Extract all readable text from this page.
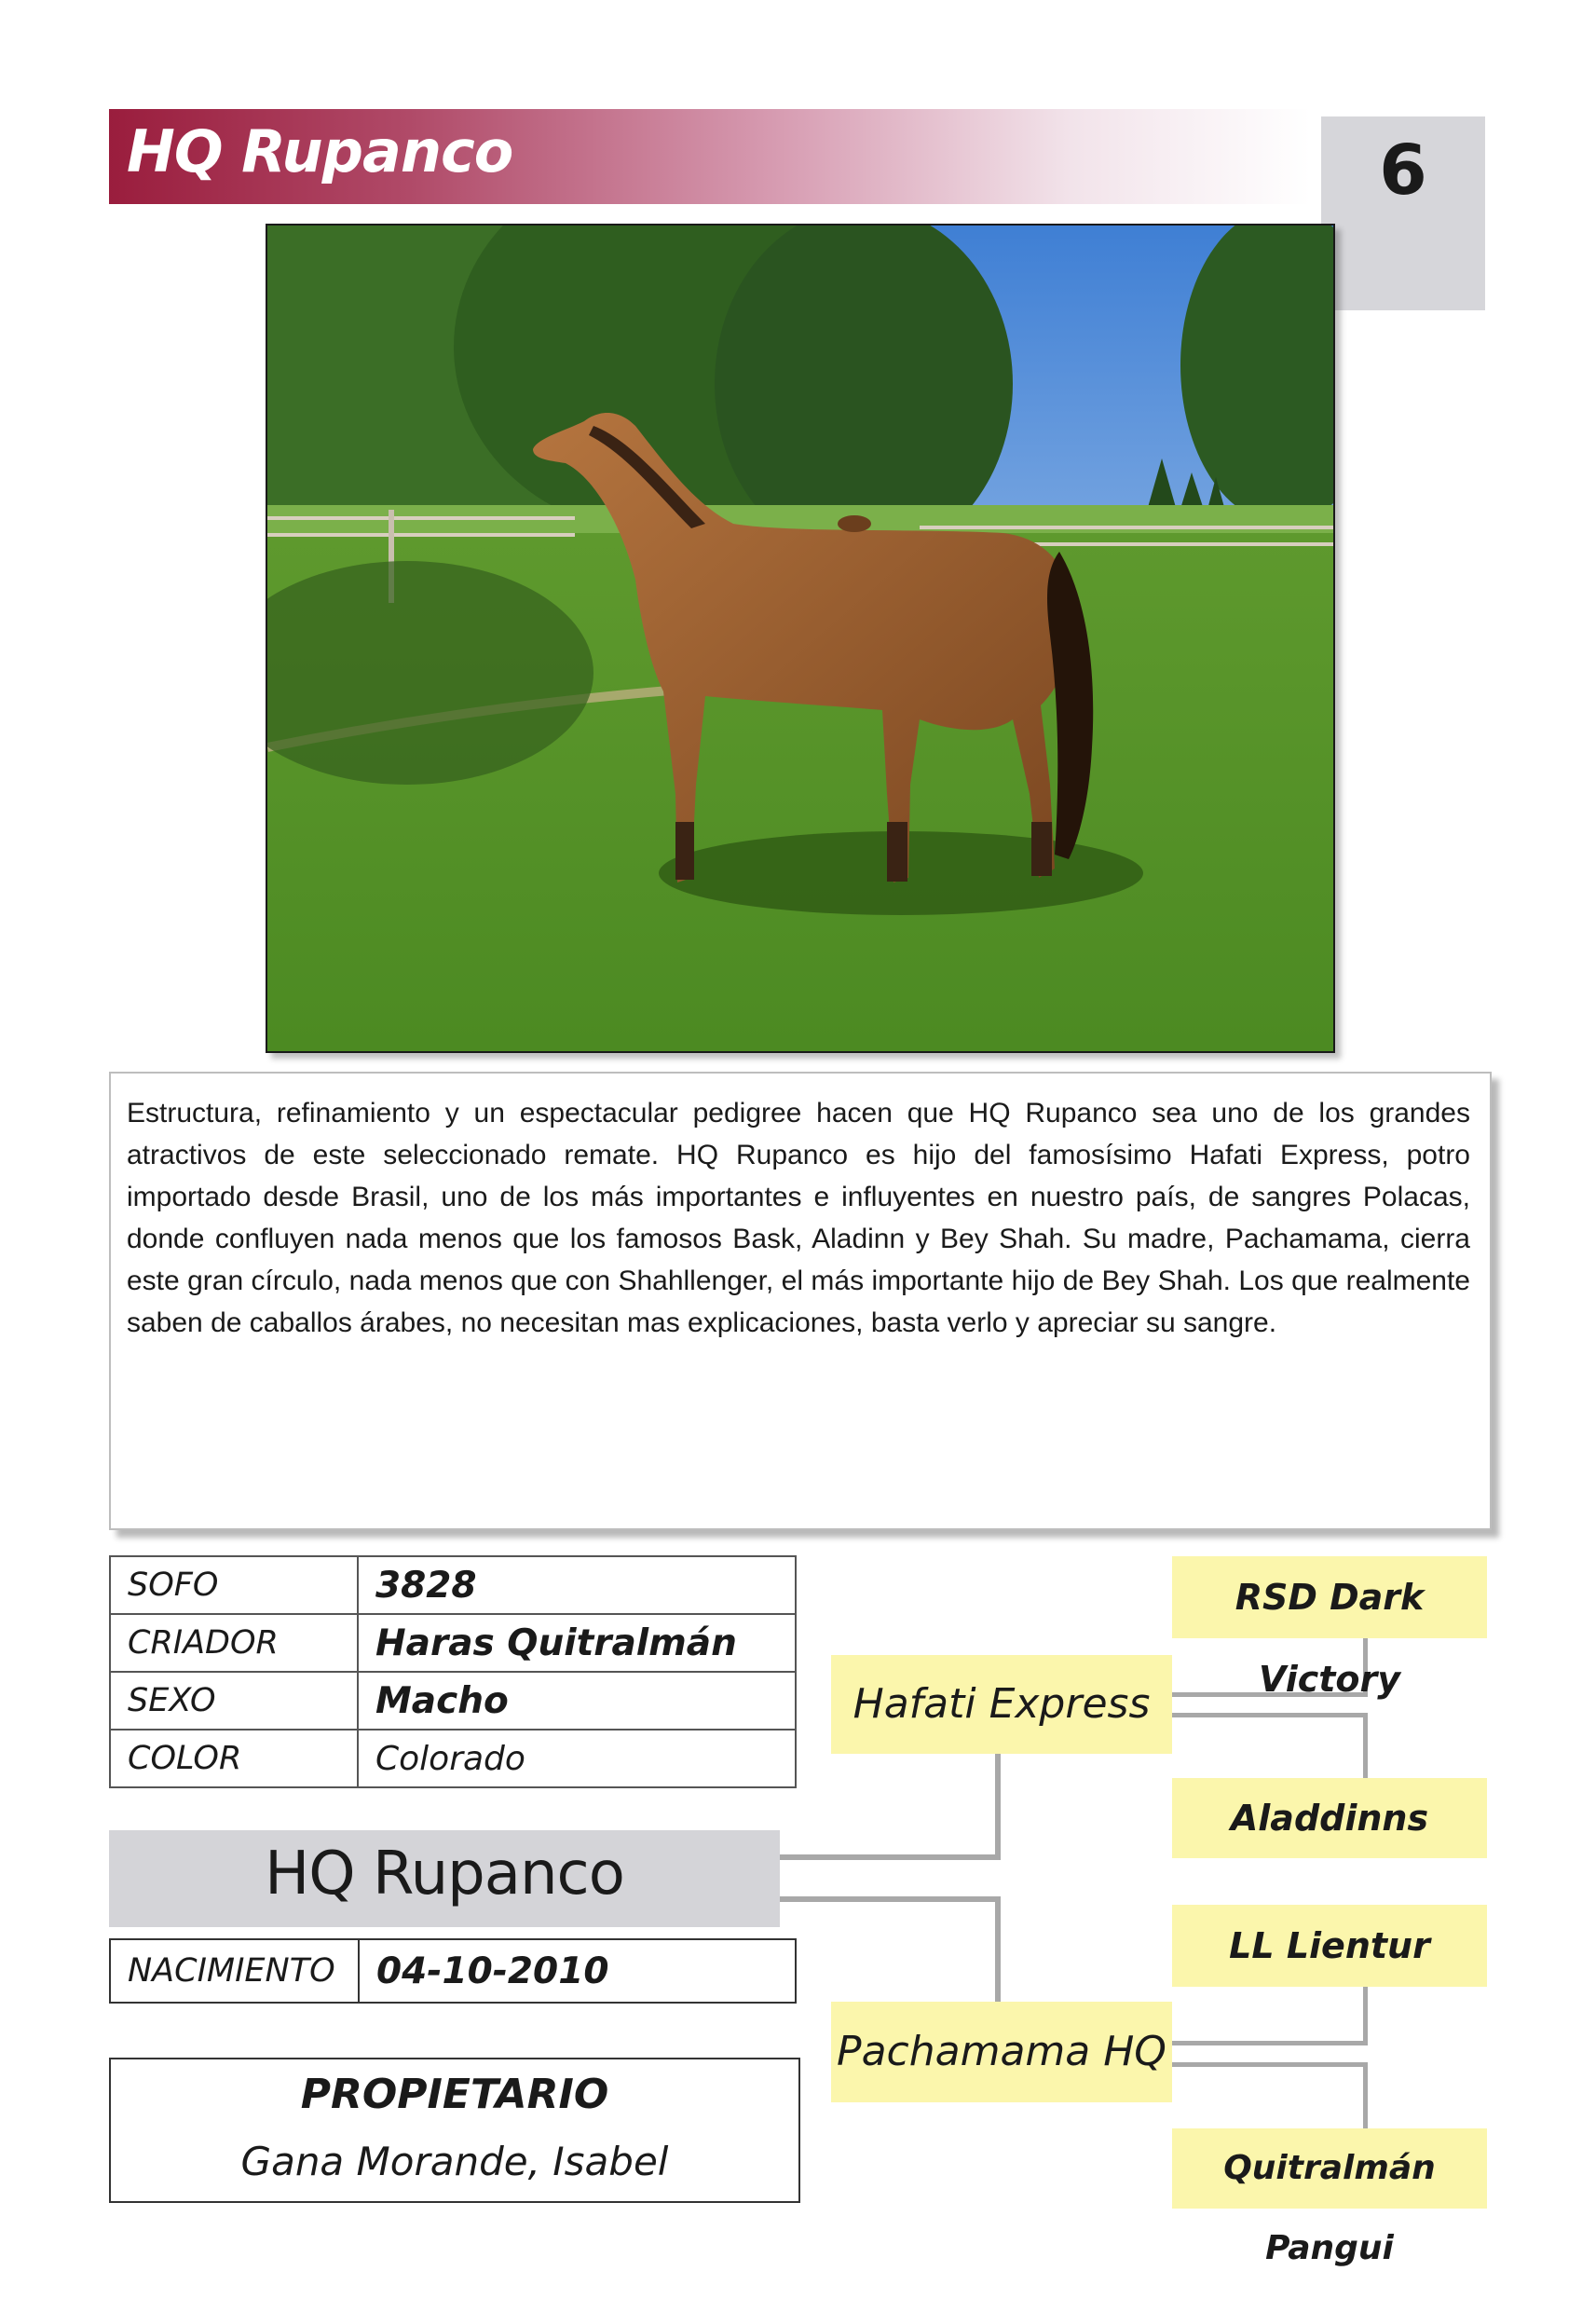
HQ Rupanco	6
Estructura, refinamiento y un espectacular pedigree hacen que HQ Rupanco sea uno de los grandes atractivos de este seleccionado remate. HQ Rupanco es hijo del famosísimo Hafati Express, potro importado desde Brasil, uno de los más importantes e influyentes en nuestro país, de sangres Polacas, donde confluyen nada menos que los famosos Bask, Aladinn y Bey Shah. Su madre, Pachamama, cierra este gran círculo, nada menos que con Shahllenger, el más importante hijo de Bey Shah. Los que realmente saben de caballos árabes, no necesitan mas explicaciones, basta verlo y apreciar su sangre.
SOFO	3828
CRIADOR	Haras Quitralmán
SEXO	Macho
COLOR	Colorado
HQ Rupanco
NACIMIENTO	04-10-2010
PROPIETARIO
Gana Morande, Isabel
Hafati Express
Pachamama HQ
RSD Dark Victory
Aladdinns
LL Lientur
Quitralmán Pangui
